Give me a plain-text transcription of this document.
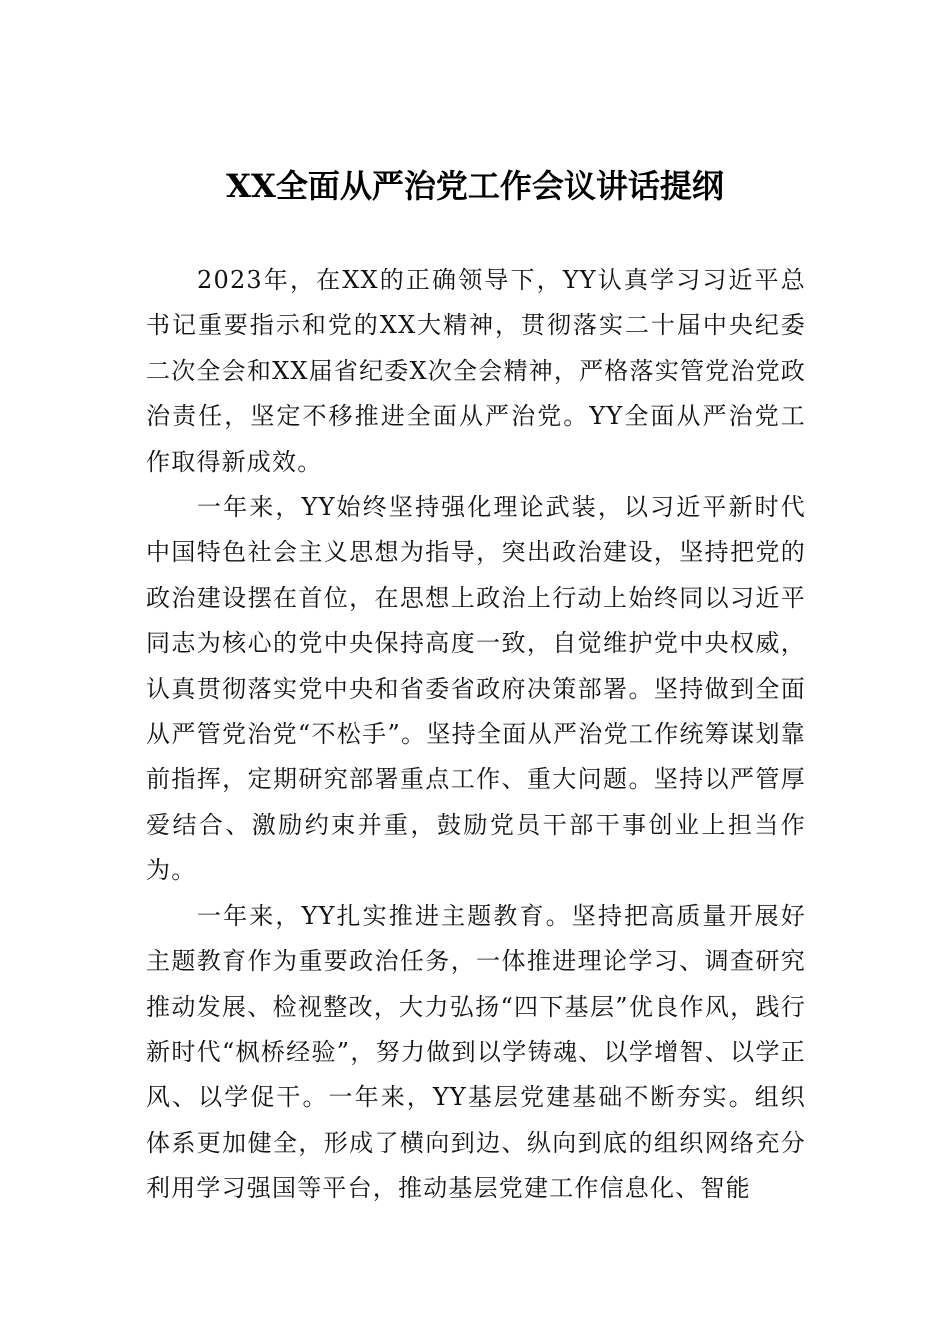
XX全面从严治党工作会议讲话提纲

2023年，在XX的正确领导下，YY认真学习习近平总书记重要指示和党的XX大精神，贯彻落实二十届中央纪委二次全会和XX届省纪委X次全会精神，严格落实管党治党政治责任，坚定不移推进全面从严治党。YY全面从严治党工作取得新成效。

一年来，YY始终坚持强化理论武装，以习近平新时代中国特色社会主义思想为指导，突出政治建设，坚持把党的政治建设摆在首位，在思想上政治上行动上始终同以习近平同志为核心的党中央保持高度一致，自觉维护党中央权威，认真贯彻落实党中央和省委省政府决策部署。坚持做到全面从严管党治党“不松手”。坚持全面从严治党工作统筹谋划靠前指挥，定期研究部署重点工作、重大问题。坚持以严管厚爱结合、激励约束并重，鼓励党员干部干事创业上担当作为。

一年来，YY扎实推进主题教育。坚持把高质量开展好主题教育作为重要政治任务，一体推进理论学习、调查研究推动发展、检视整改，大力弘扬“四下基层”优良作风，践行新时代“枫桥经验”，努力做到以学铸魂、以学增智、以学正风、以学促干。一年来，YY基层党建基础不断夯实。组织体系更加健全，形成了横向到边、纵向到底的组织网络充分利用学习强国等平台，推动基层党建工作信息化、智能
